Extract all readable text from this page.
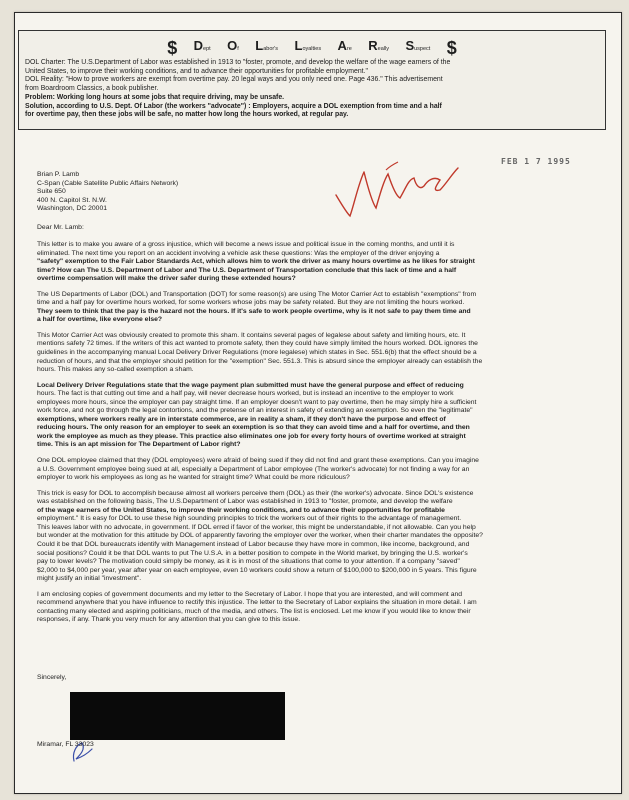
$ Dept Of Labor's Loyalties Are Really Suspect $
DOL Charter: The U.S.Department of Labor was established in 1913 to "foster, promote, and develop the welfare of the wage earners of the
United States, to improve their working conditions, and to advance their opportunities for profitable employment."
DOL Reality: "How to prove workers are exempt from overtime pay. 20 legal ways and you only need one. Page 436." This advertisement
from Boardroom Classics, a book publisher.
Problem: Working long hours at some jobs that require driving, may be unsafe.
Solution, according to U.S. Dept. Of Labor (the workers "advocate") : Employers, acquire a DOL exemption from time and a half
for overtime pay, then these jobs will be safe, no matter how long the hours worked, at regular pay.
FEB 1 7 1995
Brian P. Lamb
C-Span (Cable Satellite Public Affairs Network)
Suite 650
400 N. Capitol St. N.W.
Washington, DC 20001
Dear Mr. Lamb:
This letter is to make you aware of a gross injustice, which will become a news issue and political issue in the coming months, and until it is
eliminated. The next time you report on an accident involving a vehicle ask these questions: Was the employer of the driver enjoying a
"safety" exemption to the Fair Labor Standards Act, which allows him to work the driver as many hours overtime as he likes for straight
time? How can The U.S. Department of Labor and The U.S. Department of Transportation conclude that this lack of time and a half
overtime compensation will make the driver safer during these extended hours?
The US Departments of Labor (DOL) and Transportation (DOT) for some reason(s) are using The Motor Carrier Act to establish "exemptions" from
time and a half pay for overtime hours worked, for some workers whose jobs may be safety related. But they are not limiting the hours worked.
They seem to think that the pay is the hazard not the hours. If it's safe to work people overtime, why is it not safe to pay them time and
a half for overtime, like everyone else?
This Motor Carrier Act was obviously created to promote this sham. It contains several pages of legalese about safety and limiting hours, etc. It
mentions safety 72 times. If the writers of this act wanted to promote safety, then they could have simply limited the hours worked. DOL ignores the
guidelines in the accompanying manual Local Delivery Driver Regulations (more legalese) which states in Sec. 551.6(b) that the effect should be a
reduction of hours, and that the employer should petition for the "exemption" Sec. 551.3. This is absurd since the employer already can establish the
hours. This makes any so-called exemption a sham.
Local Delivery Driver Regulations state that the wage payment plan submitted must have the general purpose and effect of reducing
hours. The fact is that cutting out time and a half pay, will never decrease hours worked, but is instead an incentive to the employer to work
employees more hours, since the employer can pay straight time. If an employer doesn't want to pay overtime, then he may simply hire a sufficient
work force, and not go through the legal contortions, and the pretense of an interest in safety of extending an exemption. So even the "legitimate"
exemptions, where workers really are in interstate commerce, are in reality a sham, if they don't have the purpose and effect of
reducing hours. The only reason for an employer to seek an exemption is so that they can avoid time and a half for overtime, and then
work the employee as much as they please. This practice also eliminates one job for every forty hours of overtime worked at straight
time. This is an apt mission for The Department of Labor right?
One DOL employee claimed that they (DOL employees) were afraid of being sued if they did not find and grant these exemptions. Can you imagine
a U.S. Government employee being sued at all, especially a Department of Labor employee (The worker's advocate) for not finding a way for an
employer to work his employees as long as he wanted for straight time? What could be more ridiculous?
This trick is easy for DOL to accomplish because almost all workers perceive them (DOL) as their (the worker's) advocate. Since DOL's existence
was established on the following basis, The U.S.Department of Labor was established in 1913 to "foster, promote, and develop the welfare
of the wage earners of the United States, to improve their working conditions, and to advance their opportunities for profitable
employment." It is easy for DOL to use these high sounding principles to trick the workers out of their rights to the advantage of management.
This leaves labor with no advocate, in government. If DOL erred if favor of the worker, this might be understandable, if not allowable. Can you help
but wonder at the motivation for this attitude by DOL of apparently favoring the employer over the worker, when their charter mandates the opposite?
Could it be that DOL bureaucrats identify with Management instead of Labor because they have more in common, like income, background, and
social positions? Could it be that DOL wants to put The U.S.A. in a better position to compete in the World market, by bringing the U.S. worker's
pay to lower levels? The motivation could simply be money, as it is in most of the situations that come to your attention. If a company "saved"
$2,000 to $4,000 per year, year after year on each employee, even 10 workers could show a return of $100,000 to $200,000 in 5 years. This figure
might justify an initial "investment".
I am enclosing copies of government documents and my letter to the Secretary of Labor. I hope that you are interested, and will comment and
recommend anywhere that you have influence to rectify this injustice. The letter to the Secretary of Labor explains the situation in more detail. I am
contacting many elected and aspiring politicians, much of the media, and others. The list is enclosed. Let me know if you would like to know their
responses, if any. Thank you very much for any attention that you can give to this issue.
Sincerely,
Miramar, FL 33023
